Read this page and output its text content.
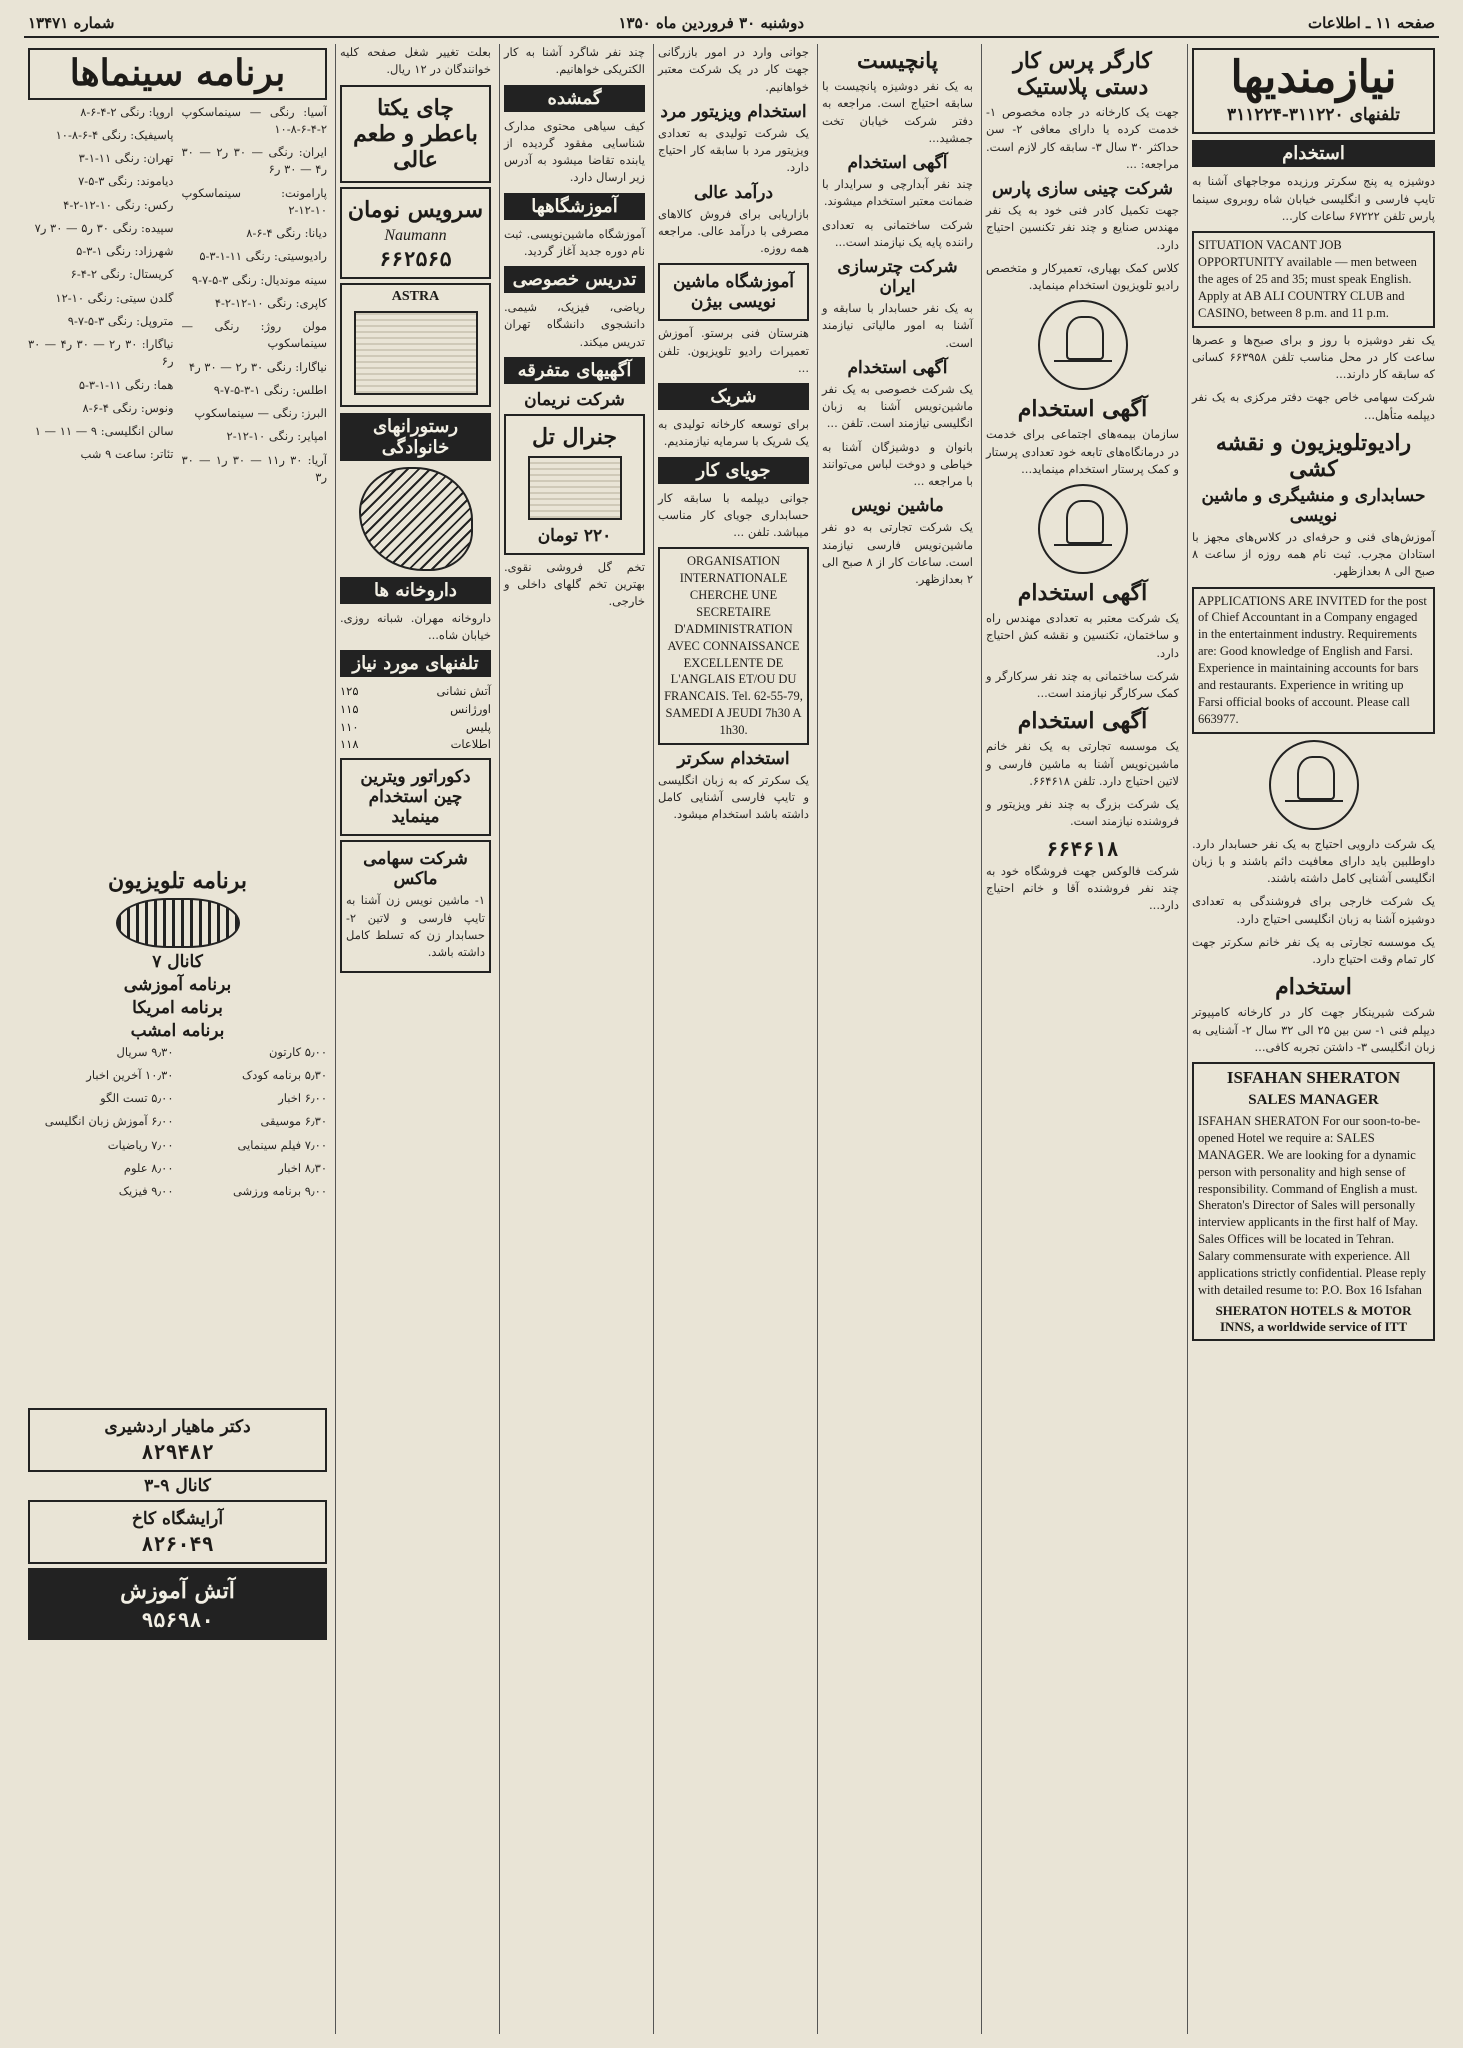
صفحه ۱۱ ـ اطلاعات
دوشنبه ۳۰ فروردین ماه ۱۳۵۰
شماره ۱۳۴۷۱
نیازمندیها
تلفنهای ۳۱۱۲۲۰-۳۱۱۲۲۴
استخدام

دوشیزه یه پنج سکرتر ورزیده موجاجهای آشنا به تایپ فارسی و انگلیسی خیابان شاه روبروی سینما پارس تلفن ۶۷۲۲۲ ساعات کار...

SITUATION VACANT JOB OPPORTUNITY available — men between the ages of 25 and 35; must speak English. Apply at AB ALI COUNTRY CLUB and CASINO, between 8 p.m. and 11 p.m.

یک نفر دوشیزه با روز و برای صبح‌ها و عصرها ساعت کار در محل مناسب تلفن ۶۶۳۹۵۸ کسانی که سابقه کار دارند...

شرکت سهامی خاص جهت دفتر مرکزی به یک نفر دیپلمه متأهل...

رادیوتلویزیون و نقشه کشی
حسابداری و منشیگری و ماشین نویسی

آموزش‌های فنی و حرفه‌ای در کلاس‌های مجهز با استادان مجرب. ثبت نام همه روزه از ساعت ۸ صبح الی ۸ بعدازظهر.

APPLICATIONS ARE INVITED for the post of Chief Accountant in a Company engaged in the entertainment industry. Requirements are: Good knowledge of English and Farsi. Experience in maintaining accounts for bars and restaurants. Experience in writing up Farsi official books of account. Please call 663977.

یک شرکت دارویی احتیاج به یک نفر حسابدار دارد. داوطلبین باید دارای معافیت دائم باشند و با زبان انگلیسی آشنایی کامل داشته باشند.

یک شرکت خارجی برای فروشندگی به تعدادی دوشیزه آشنا به زبان انگلیسی احتیاج دارد.

یک موسسه تجارتی به یک نفر خانم سکرتر جهت کار تمام وقت احتیاج دارد.

استخدام

شرکت شیرینکار جهت کار در کارخانه کامپیوتر دیپلم فنی ۱- سن بین ۲۵ الی ۳۲ سال ۲- آشنایی به زبان انگلیسی ۳- داشتن تجربه کافی...

ISFAHAN SHERATON
SALES MANAGER
ISFAHAN SHERATON For our soon-to-be-opened Hotel we require a: SALES MANAGER. We are looking for a dynamic person with personality and high sense of responsibility. Command of English a must. Sheraton's Director of Sales will personally interview applicants in the first half of May. Sales Offices will be located in Tehran. Salary commensurate with experience. All applications strictly confidential. Please reply with detailed resume to: P.O. Box 16 Isfahan
SHERATON HOTELS & MOTOR INNS, a worldwide service of ITT
کارگر پرس کار دستی پلاستیک

جهت یک کارخانه در جاده مخصوص ۱- خدمت کرده یا دارای معافی ۲- سن حداکثر ۳۰ سال ۳- سابقه کار لازم است. مراجعه: ...

شرکت چینی سازی پارس

جهت تکمیل کادر فنی خود به یک نفر مهندس صنایع و چند نفر تکنسین احتیاج دارد.

کلاس کمک بهیاری، تعمیرکار و متخصص رادیو تلویزیون استخدام مینماید.

آگهی استخدام

سازمان بیمه‌های اجتماعی برای خدمت در درمانگاه‌های تابعه خود تعدادی پرستار و کمک پرستار استخدام مینماید...

آگهی استخدام

یک شرکت معتبر به تعدادی مهندس راه و ساختمان، تکنسین و نقشه کش احتیاج دارد.

شرکت ساختمانی به چند نفر سرکارگر و کمک سرکارگر نیازمند است...

آگهی استخدام

یک موسسه تجارتی به یک نفر خانم ماشین‌نویس آشنا به ماشین فارسی و لاتین احتیاج دارد. تلفن ۶۶۴۶۱۸.

یک شرکت بزرگ به چند نفر ویزیتور و فروشنده نیازمند است.

۶۶۴۶۱۸

شرکت فالوکس جهت فروشگاه خود به چند نفر فروشنده آقا و خانم احتیاج دارد...

پانچیست

به یک نفر دوشیزه پانچیست با سابقه احتیاج است. مراجعه به دفتر شرکت خیابان تخت جمشید...

آگهی استخدام

چند نفر آبدارچی و سرایدار با ضمانت معتبر استخدام میشوند.

شرکت ساختمانی به تعدادی راننده پایه یک نیازمند است...

شرکت چترسازی ایران

به یک نفر حسابدار با سابقه و آشنا به امور مالیاتی نیازمند است.

آگهی استخدام

یک شرکت خصوصی به یک نفر ماشین‌نویس آشنا به زبان انگلیسی نیازمند است. تلفن ...

بانوان و دوشیزگان آشنا به خیاطی و دوخت لباس می‌توانند با مراجعه ...

ماشین نویس

یک شرکت تجارتی به دو نفر ماشین‌نویس فارسی نیازمند است. ساعات کار از ۸ صبح الی ۲ بعدازظهر.

جوانی وارد در امور بازرگانی جهت کار در یک شرکت معتبر خواهانیم.

استخدام ویزیتور مرد

یک شرکت تولیدی به تعدادی ویزیتور مرد با سابقه کار احتیاج دارد.

درآمد عالی

بازاریابی برای فروش کالاهای مصرفی با درآمد عالی. مراجعه همه روزه.

آموزشگاه ماشین نویسی بیژن

هنرستان فنی برستو. آموزش تعمیرات رادیو تلویزیون. تلفن ...

شریک

برای توسعه کارخانه تولیدی به یک شریک با سرمایه نیازمندیم.

جویای کار

جوانی دیپلمه با سابقه کار حسابداری جویای کار مناسب میباشد. تلفن ...

ORGANISATION INTERNATIONALE CHERCHE UNE SECRETAIRE D'ADMINISTRATION AVEC CONNAISSANCE EXCELLENTE DE L'ANGLAIS ET/OU DU FRANCAIS. Tel. 62-55-79, SAMEDI A JEUDI 7h30 A 1h30.
استخدام سکرتر

یک سکرتر که به زبان انگلیسی و تایپ فارسی آشنایی کامل داشته باشد استخدام میشود.

چند نفر شاگرد آشنا به کار الکتریکی خواهانیم.

گمشده

کیف سیاهی محتوی مدارک شناسایی مفقود گردیده از یابنده تقاضا میشود به آدرس زیر ارسال دارد.

آموزشگاهها

آموزشگاه ماشین‌نویسی. ثبت نام دوره جدید آغاز گردید.

تدریس خصوصی

ریاضی، فیزیک، شیمی. دانشجوی دانشگاه تهران تدریس میکند.

آگهیهای متفرقه
شرکت نریمان
جنرال تل
۲۲۰ تومان

تخم گل فروشی نقوی. بهترین تخم گلهای داخلی و خارجی.

بعلت تغییر شغل صفحه کلیه خوانندگان در ۱۲ ریال.

چای یکتا باعطر و طعم عالی
سرویس نومان
Naumann
۶۶۲۵۶۵
ASTRA
رستورانهای خانوادگی
داروخانه ها

داروخانه مهران. شبانه روزی. خیابان شاه...

تلفنهای مورد نیاز
آتش نشانی
۱۲۵
اورژانس
۱۱۵
پلیس
۱۱۰
اطلاعات
۱۱۸
دکوراتور ویترین چین استخدام مینماید
شرکت سهامی ماکس

۱- ماشین نویس زن آشنا به تایپ فارسی و لاتین ۲- حسابدار زن که تسلط کامل داشته باشد.

برنامه سینماها

آسیا: رنگی — سینماسکوپ ۲-۴-۶-۸-۱۰

ایران: رنگی — ۳۰ ر۲ — ۳۰ ر۴ — ۳۰ ر۶

پارامونت: سینماسکوپ ۱۰-۱۲-۲

دیانا: رنگی ۴-۶-۸

رادیوسیتی: رنگی ۱۱-۱-۳-۵

سینه موندیال: رنگی ۳-۵-۷-۹

کاپری: رنگی ۱۰-۱۲-۲-۴

مولن روژ: رنگی — سینماسکوپ

نیاگارا: رنگی ۳۰ ر۲ — ۳۰ ر۴

اطلس: رنگی ۱-۳-۵-۷-۹

البرز: رنگی — سینماسکوپ

امپایر: رنگی ۱۰-۱۲-۲

آریا: ۳۰ ر۱۱ — ۳۰ ر۱ — ۳۰ ر۳

اروپا: رنگی ۲-۴-۶-۸

پاسیفیک: رنگی ۴-۶-۸-۱۰

تهران: رنگی ۱۱-۱-۳

دیاموند: رنگی ۳-۵-۷

رکس: رنگی ۱۰-۱۲-۲-۴

سپیده: رنگی ۳۰ ر۵ — ۳۰ ر۷

شهرزاد: رنگی ۱-۳-۵

کریستال: رنگی ۲-۴-۶

گلدن سیتی: رنگی ۱۰-۱۲

متروپل: رنگی ۳-۵-۷-۹

نیاگارا: ۳۰ ر۲ — ۳۰ ر۴ — ۳۰ ر۶

هما: رنگی ۱۱-۱-۳-۵

ونوس: رنگی ۴-۶-۸

سالن انگلیسی: ۹ — ۱۱ — ۱

تئاتر: ساعت ۹ شب

برنامه تلویزیون
کانال ۷
برنامه آموزشی
برنامه امریکا
برنامه امشب

۵٫۰۰ کارتون

۵٫۳۰ برنامه کودک

۶٫۰۰ اخبار

۶٫۳۰ موسیقی

۷٫۰۰ فیلم سینمایی

۸٫۳۰ اخبار

۹٫۰۰ برنامه ورزشی

۹٫۳۰ سریال

۱۰٫۳۰ آخرین اخبار

۵٫۰۰ تست الگو

۶٫۰۰ آموزش زبان انگلیسی

۷٫۰۰ ریاضیات

۸٫۰۰ علوم

۹٫۰۰ فیزیک

دکتر ماهیار اردشیری
۸۲۹۴۸۲
کانال ۹-۳
آرایشگاه کاخ
۸۲۶۰۴۹
آتش آموزش
۹۵۶۹۸۰
